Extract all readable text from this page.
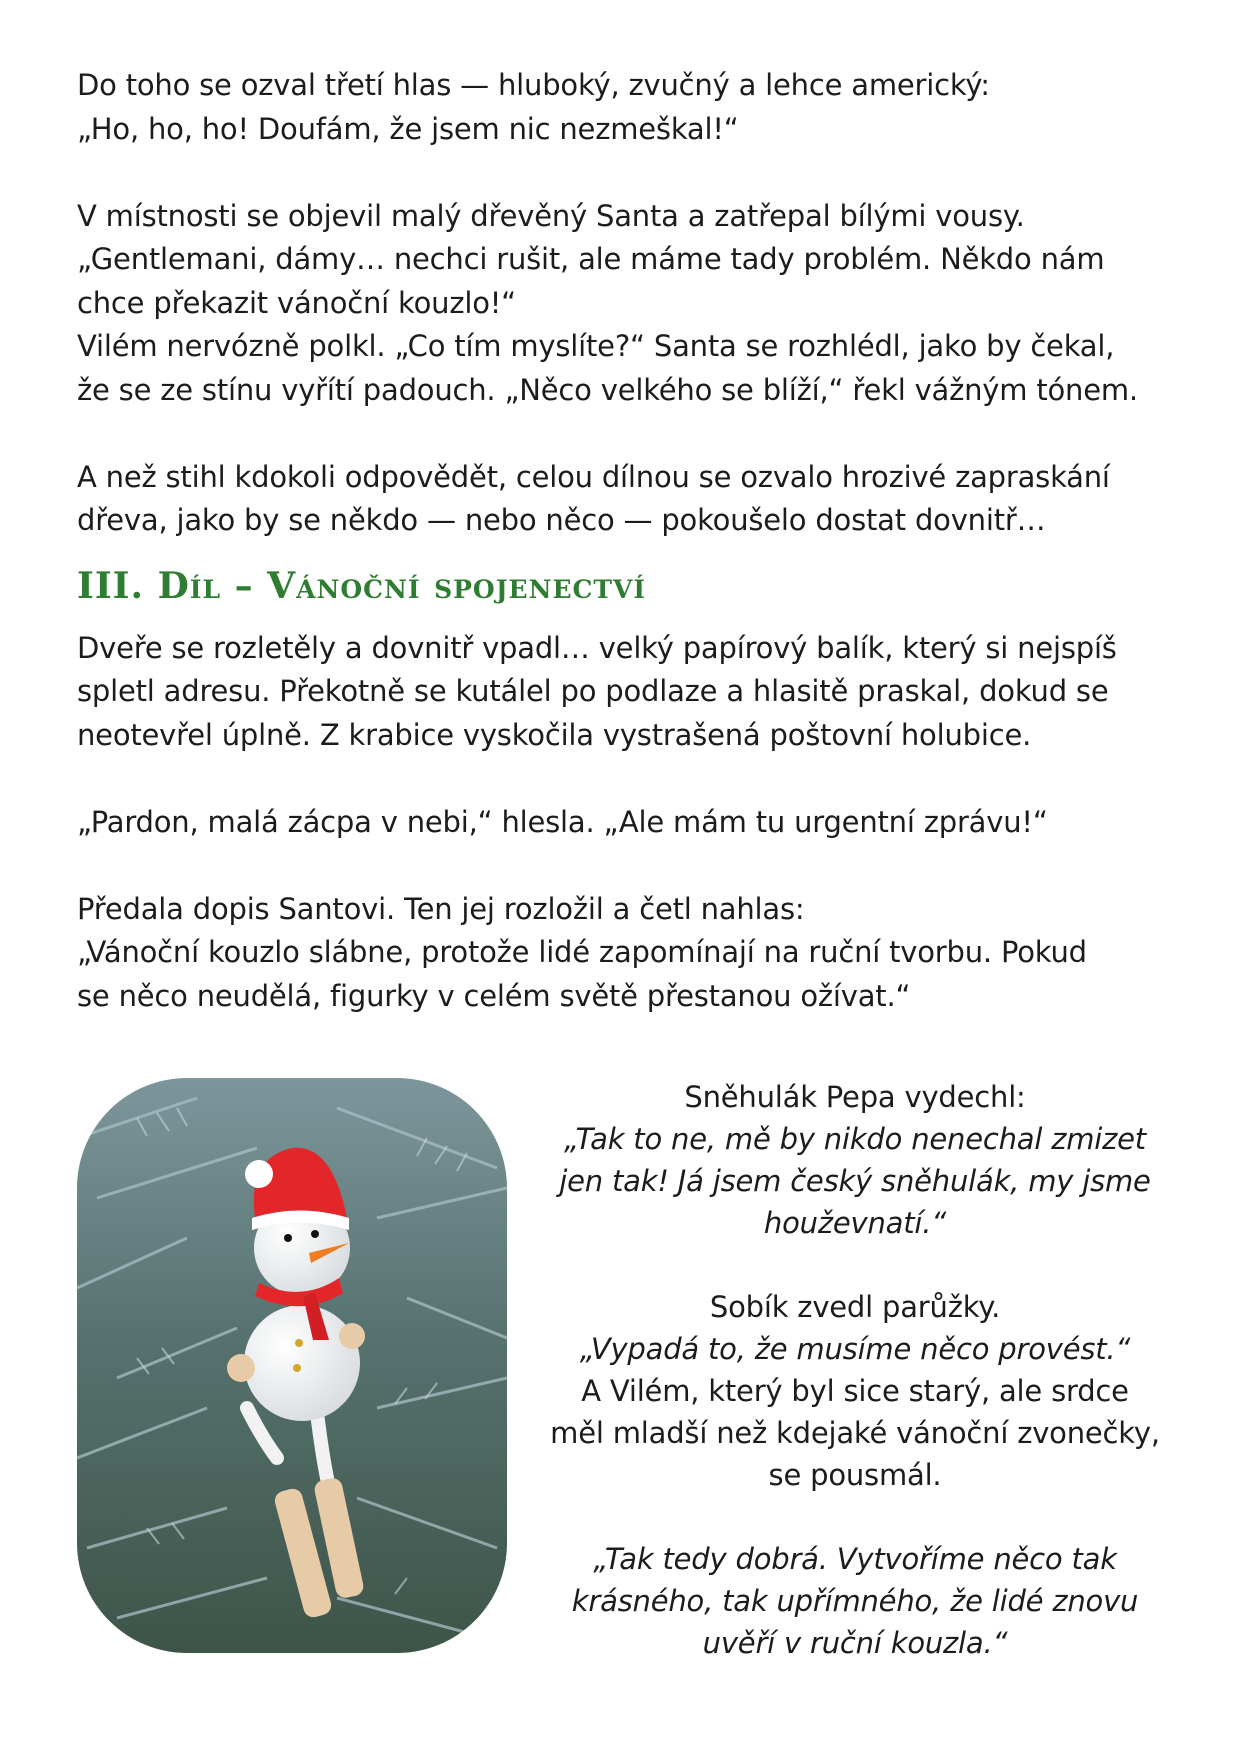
Do toho se ozval třetí hlas — hluboký, zvučný a lehce americký:

„Ho, ho, ho! Doufám, že jsem nic nezmeškal!“

V místnosti se objevil malý dřevěný Santa a zatřepal bílými vousy.

„Gentlemani, dámy… nechci rušit, ale máme tady problém. Někdo nám

chce překazit vánoční kouzlo!“

Vilém nervózně polkl. „Co tím myslíte?“ Santa se rozhlédl, jako by čekal,

že se ze stínu vyřítí padouch. „Něco velkého se blíží,“ řekl vážným tónem.

A než stihl kdokoli odpovědět, celou dílnou se ozvalo hrozivé zapraskání

dřeva, jako by se někdo — nebo něco — pokoušelo dostat dovnitř…

III. Díl – Vánoční spojenectví

Dveře se rozletěly a dovnitř vpadl… velký papírový balík, který si nejspíš

spletl adresu. Překotně se kutálel po podlaze a hlasitě praskal, dokud se

neotevřel úplně. Z krabice vyskočila vystrašená poštovní holubice.

„Pardon, malá zácpa v nebi,“ hlesla. „Ale mám tu urgentní zprávu!“

Předala dopis Santovi. Ten jej rozložil a četl nahlas:

„Vánoční kouzlo slábne, protože lidé zapomínají na ruční tvorbu. Pokud

se něco neudělá, figurky v celém světě přestanou ožívat.“

Sněhulák Pepa vydechl:

„Tak to ne, mě by nikdo nenechal zmizet

jen tak! Já jsem český sněhulák, my jsme

houževnatí.“

Sobík zvedl parůžky.

„Vypadá to, že musíme něco provést.“

A Vilém, který byl sice starý, ale srdce

měl mladší než kdejaké vánoční zvonečky,

se pousmál.

„Tak tedy dobrá. Vytvoříme něco tak

krásného, tak upřímného, že lidé znovu

uvěří v ruční kouzla.“
